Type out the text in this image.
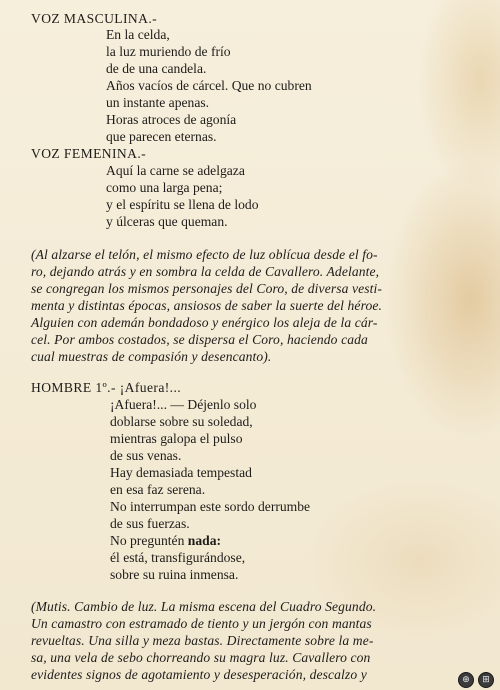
VOZ MASCULINA.-
En la celda,
la luz muriendo de frío
de de una candela.
Años vacíos de cárcel. Que no cubren
un instante apenas.
Horas atroces de agonía
que parecen eternas.
VOZ FEMENINA.-
Aquí la carne se adelgaza
como una larga pena;
y el espíritu se llena de lodo
y úlceras que queman.
(Al alzarse el telón, el mismo efecto de luz oblícua desde el fo-
ro, dejando atrás y en sombra la celda de Cavallero. Adelante,
se congregan los mismos personajes del Coro, de diversa vesti-
menta y distintas épocas, ansiosos de saber la suerte del héroe.
Alguien con ademán bondadoso y enérgico los aleja de la cár-
cel. Por ambos costados, se dispersa el Coro, haciendo cada
cual muestras de compasión y desencanto).
HOMBRE 1º.- ¡Afuera!...
¡Afuera!... — Déjenlo solo
doblarse sobre su soledad,
mientras galopa el pulso
de sus venas.
Hay demasiada tempestad
en esa faz serena.
No interrumpan este sordo derrumbe
de sus fuerzas.
No preguntén nada:
él está, transfigurándose,
sobre su ruina inmensa.
(Mutis. Cambio de luz. La misma escena del Cuadro Segundo.
Un camastro con estramado de tiento y un jergón con mantas
revueltas. Una silla y meza bastas. Directamente sobre la me-
sa, una vela de sebo chorreando su magra luz. Cavallero con
evidentes signos de agotamiento y desesperación, descalzo y	⊕	⊞
